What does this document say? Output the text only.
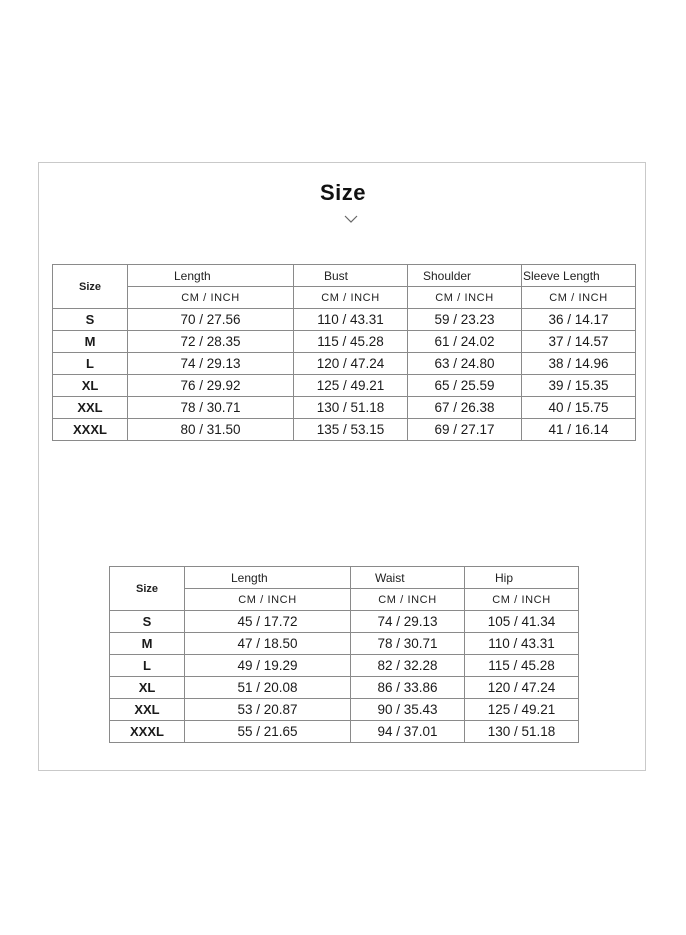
Size
Size	Length	Bust	Shoulder	Sleeve Length
	CM / INCH	CM / INCH	CM / INCH	CM / INCH
S	70 / 27.56	110 / 43.31	59 / 23.23	36 / 14.17
M	72 / 28.35	115 / 45.28	61 / 24.02	37 / 14.57
L	74 / 29.13	120 / 47.24	63 / 24.80	38 / 14.96
XL	76 / 29.92	125 / 49.21	65 / 25.59	39 / 15.35
XXL	78 / 30.71	130 / 51.18	67 / 26.38	40 / 15.75
XXXL	80 / 31.50	135 / 53.15	69 / 27.17	41 / 16.14
Size	Length	Waist	Hip
	CM / INCH	CM / INCH	CM / INCH
S	45 / 17.72	74 / 29.13	105 / 41.34
M	47 / 18.50	78 / 30.71	110 / 43.31
L	49 / 19.29	82 / 32.28	115 / 45.28
XL	51 / 20.08	86 / 33.86	120 / 47.24
XXL	53 / 20.87	90 / 35.43	125 / 49.21
XXXL	55 / 21.65	94 / 37.01	130 / 51.18
